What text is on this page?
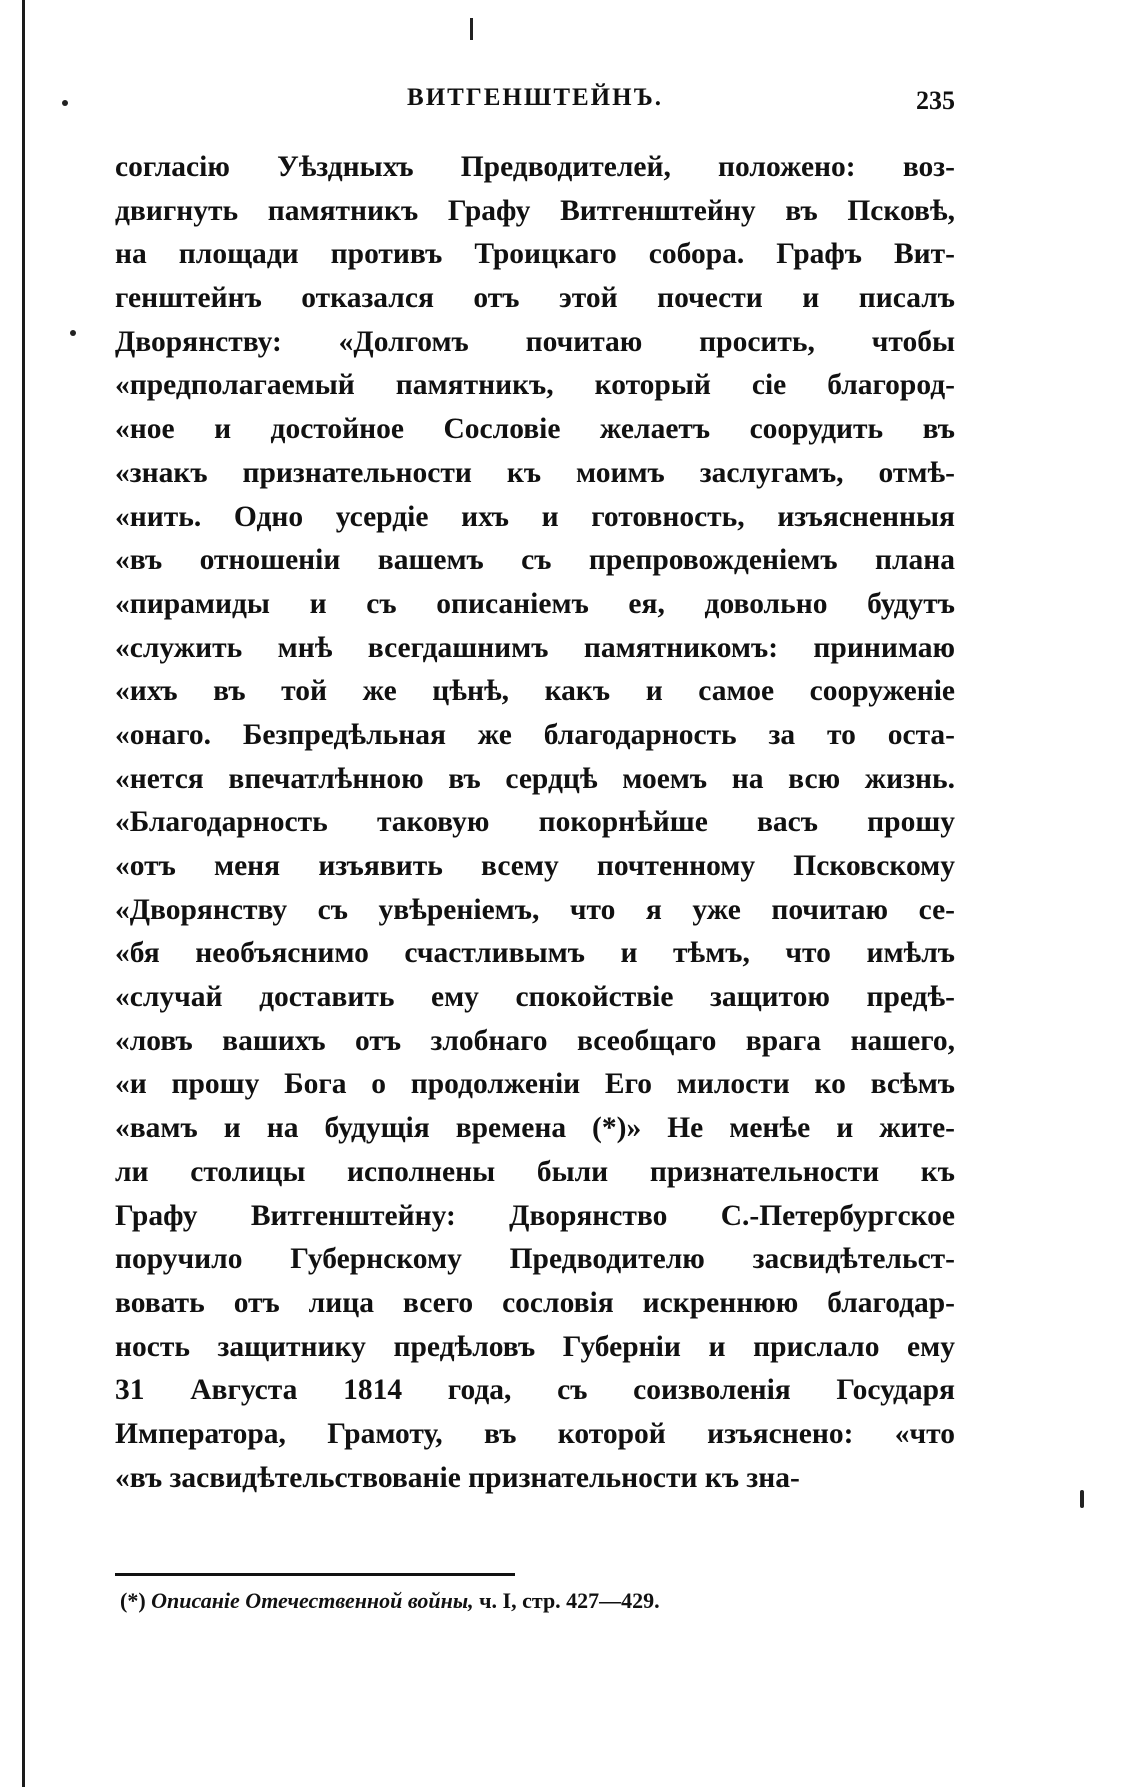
ВИТГЕНШТЕЙНЪ.	235
согласію Уѣздныхъ Предводителей, положено: воз-
двигнуть памятникъ Графу Витгенштейну въ Псковѣ,
на площади противъ Троицкаго собора. Графъ Вит-
генштейнъ отказался отъ этой почести и писалъ
Дворянству: «Долгомъ почитаю просить, чтобы
«предполагаемый памятникъ, который сіе благород-
«ное и достойное Сословіе желаетъ соорудить въ
«знакъ признательности къ моимъ заслугамъ, отмѣ-
«нить. Одно усердіе ихъ и готовность, изъясненныя
«въ отношеніи вашемъ съ препровожденіемъ плана
«пирамиды и съ описаніемъ ея, довольно будутъ
«служить мнѣ всегдашнимъ памятникомъ: принимаю
«ихъ въ той же цѣнѣ, какъ и самое сооруженіе
«онаго. Безпредѣльная же благодарность за то оста-
«нется впечатлѣнною въ сердцѣ моемъ на всю жизнь.
«Благодарность таковую покорнѣйше васъ прошу
«отъ меня изъявить всему почтенному Псковскому
«Дворянству съ увѣреніемъ, что я уже почитаю се-
«бя необъяснимо счастливымъ и тѣмъ, что имѣлъ
«случай доставить ему спокойствіе защитою предѣ-
«ловъ вашихъ отъ злобнаго всеобщаго врага нашего,
«и прошу Бога о продолженіи Его милости ко всѣмъ
«вамъ и на будущія времена (*)» Не менѣе и жите-
ли столицы исполнены были признательности къ
Графу Витгенштейну: Дворянство С.-Петербургское
поручило Губернскому Предводителю засвидѣтельст-
вовать отъ лица всего сословія искреннюю благодар-
ность защитнику предѣловъ Губерніи и прислало ему
31 Августа 1814 года, съ соизволенія Государя
Императора, Грамоту, въ которой изъяснено: «что
«въ засвидѣтельствованіе признательности къ зна-
(*) Описаніе Отечественной войны, ч. I, стр. 427—429.
